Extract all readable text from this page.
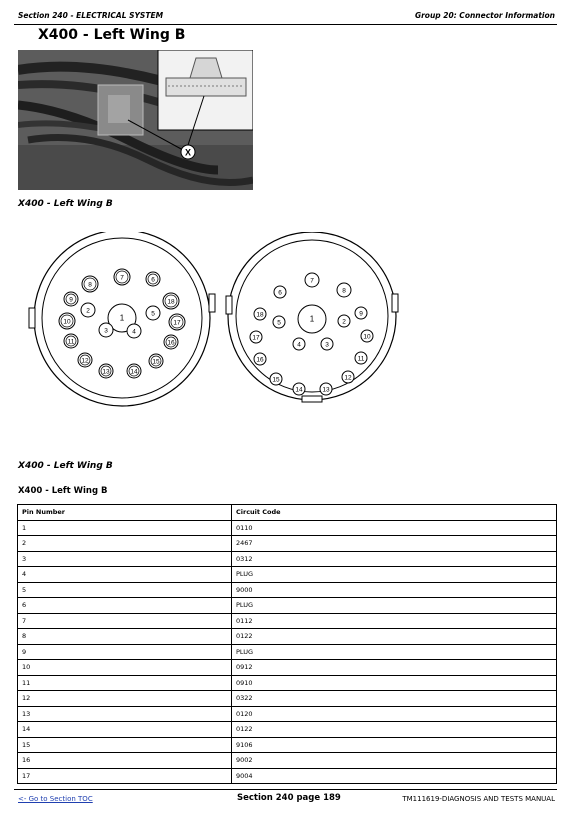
Section 240 - ELECTRICAL SYSTEM	Group 20: Connector Information
X400 - Left Wing B
X
X400 - Left Wing B
1
2
3	4
5
6
7
8
9
10
11
12
13	14
15
16
17
18
1	2
3
4
5
6
7
8
9
10
11
12
13
14
15
16
17
18
X400 - Left Wing B
X400 - Left Wing B
Pin Number	Circuit Code
1	0110
2	2467
3	0312
4	PLUG
5	9000
6	PLUG
7	0112
8	0122
9	PLUG
10	0912
11	0910
12	0322
13	0120
14	0122
15	9106
16	9002
17	9004
<- Go to Section TOC	Section 240 page 189	TM111619-DIAGNOSIS AND TESTS MANUAL
